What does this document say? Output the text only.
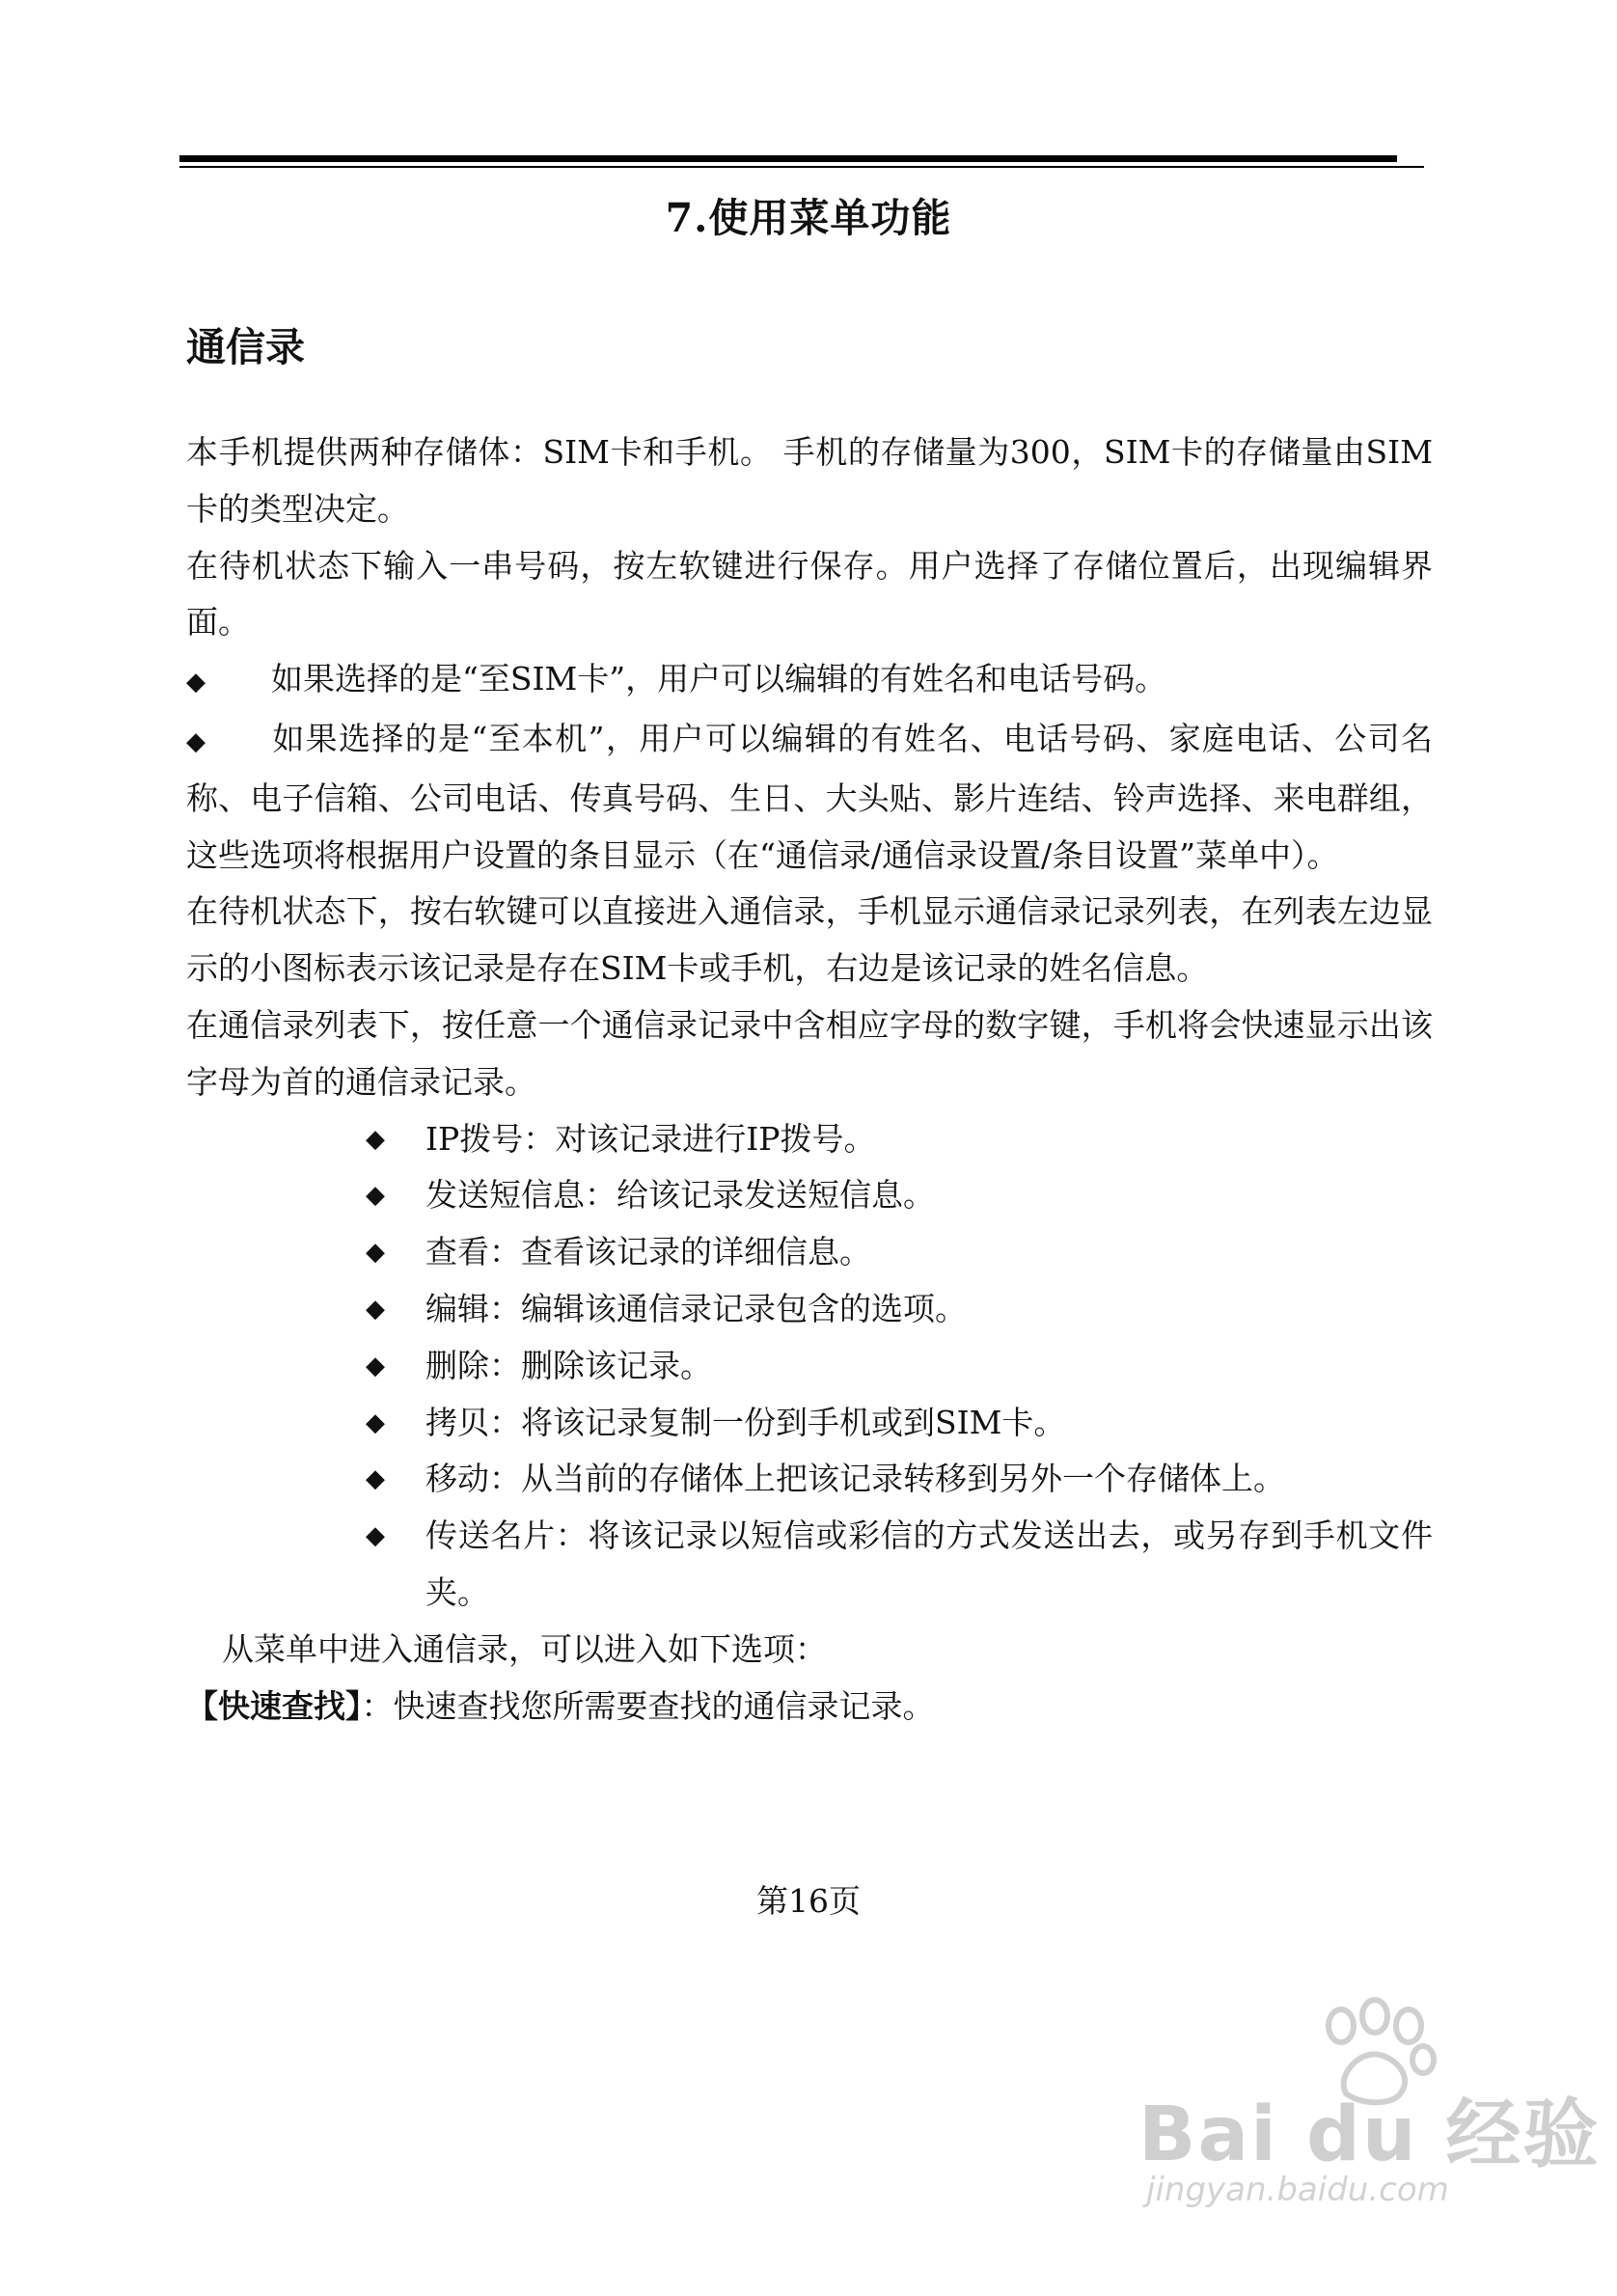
7.使用菜单功能
通信录

本手机提供两种存储体：SIM卡和手机。 手机的存储量为300，SIM卡的存储量由SIM卡的类型决定。

在待机状态下输入一串号码，按左软键进行保存。用户选择了存储位置后，出现编辑界面。

◆ 如果选择的是“至SIM卡”，用户可以编辑的有姓名和电话号码。

◆ 如果选择的是“至本机”，用户可以编辑的有姓名、电话号码、家庭电话、公司名称、电子信箱、公司电话、传真号码、生日、大头贴、影片连结、铃声选择、来电群组，这些选项将根据用户设置的条目显示（在“通信录/通信录设置/条目设置”菜单中）。

在待机状态下，按右软键可以直接进入通信录，手机显示通信录记录列表，在列表左边显示的小图标表示该记录是存在SIM卡或手机，右边是该记录的姓名信息。

在通信录列表下，按任意一个通信录记录中含相应字母的数字键，手机将会快速显示出该字母为首的通信录记录。

◆	IP拨号：对该记录进行IP拨号。
◆	发送短信息：给该记录发送短信息。
◆	查看：查看该记录的详细信息。
◆	编辑：编辑该通信录记录包含的选项。
◆	删除：删除该记录。
◆	拷贝：将该记录复制一份到手机或到SIM卡。
◆	移动：从当前的存储体上把该记录转移到另外一个存储体上。
◆	传送名片：将该记录以短信或彩信的方式发送出去，或另存到手机文件夹。

从菜单中进入通信录，可以进入如下选项：

【快速查找】：快速查找您所需要查找的通信录记录。

第16页
Bai du 经验
jingyan.baidu.com
